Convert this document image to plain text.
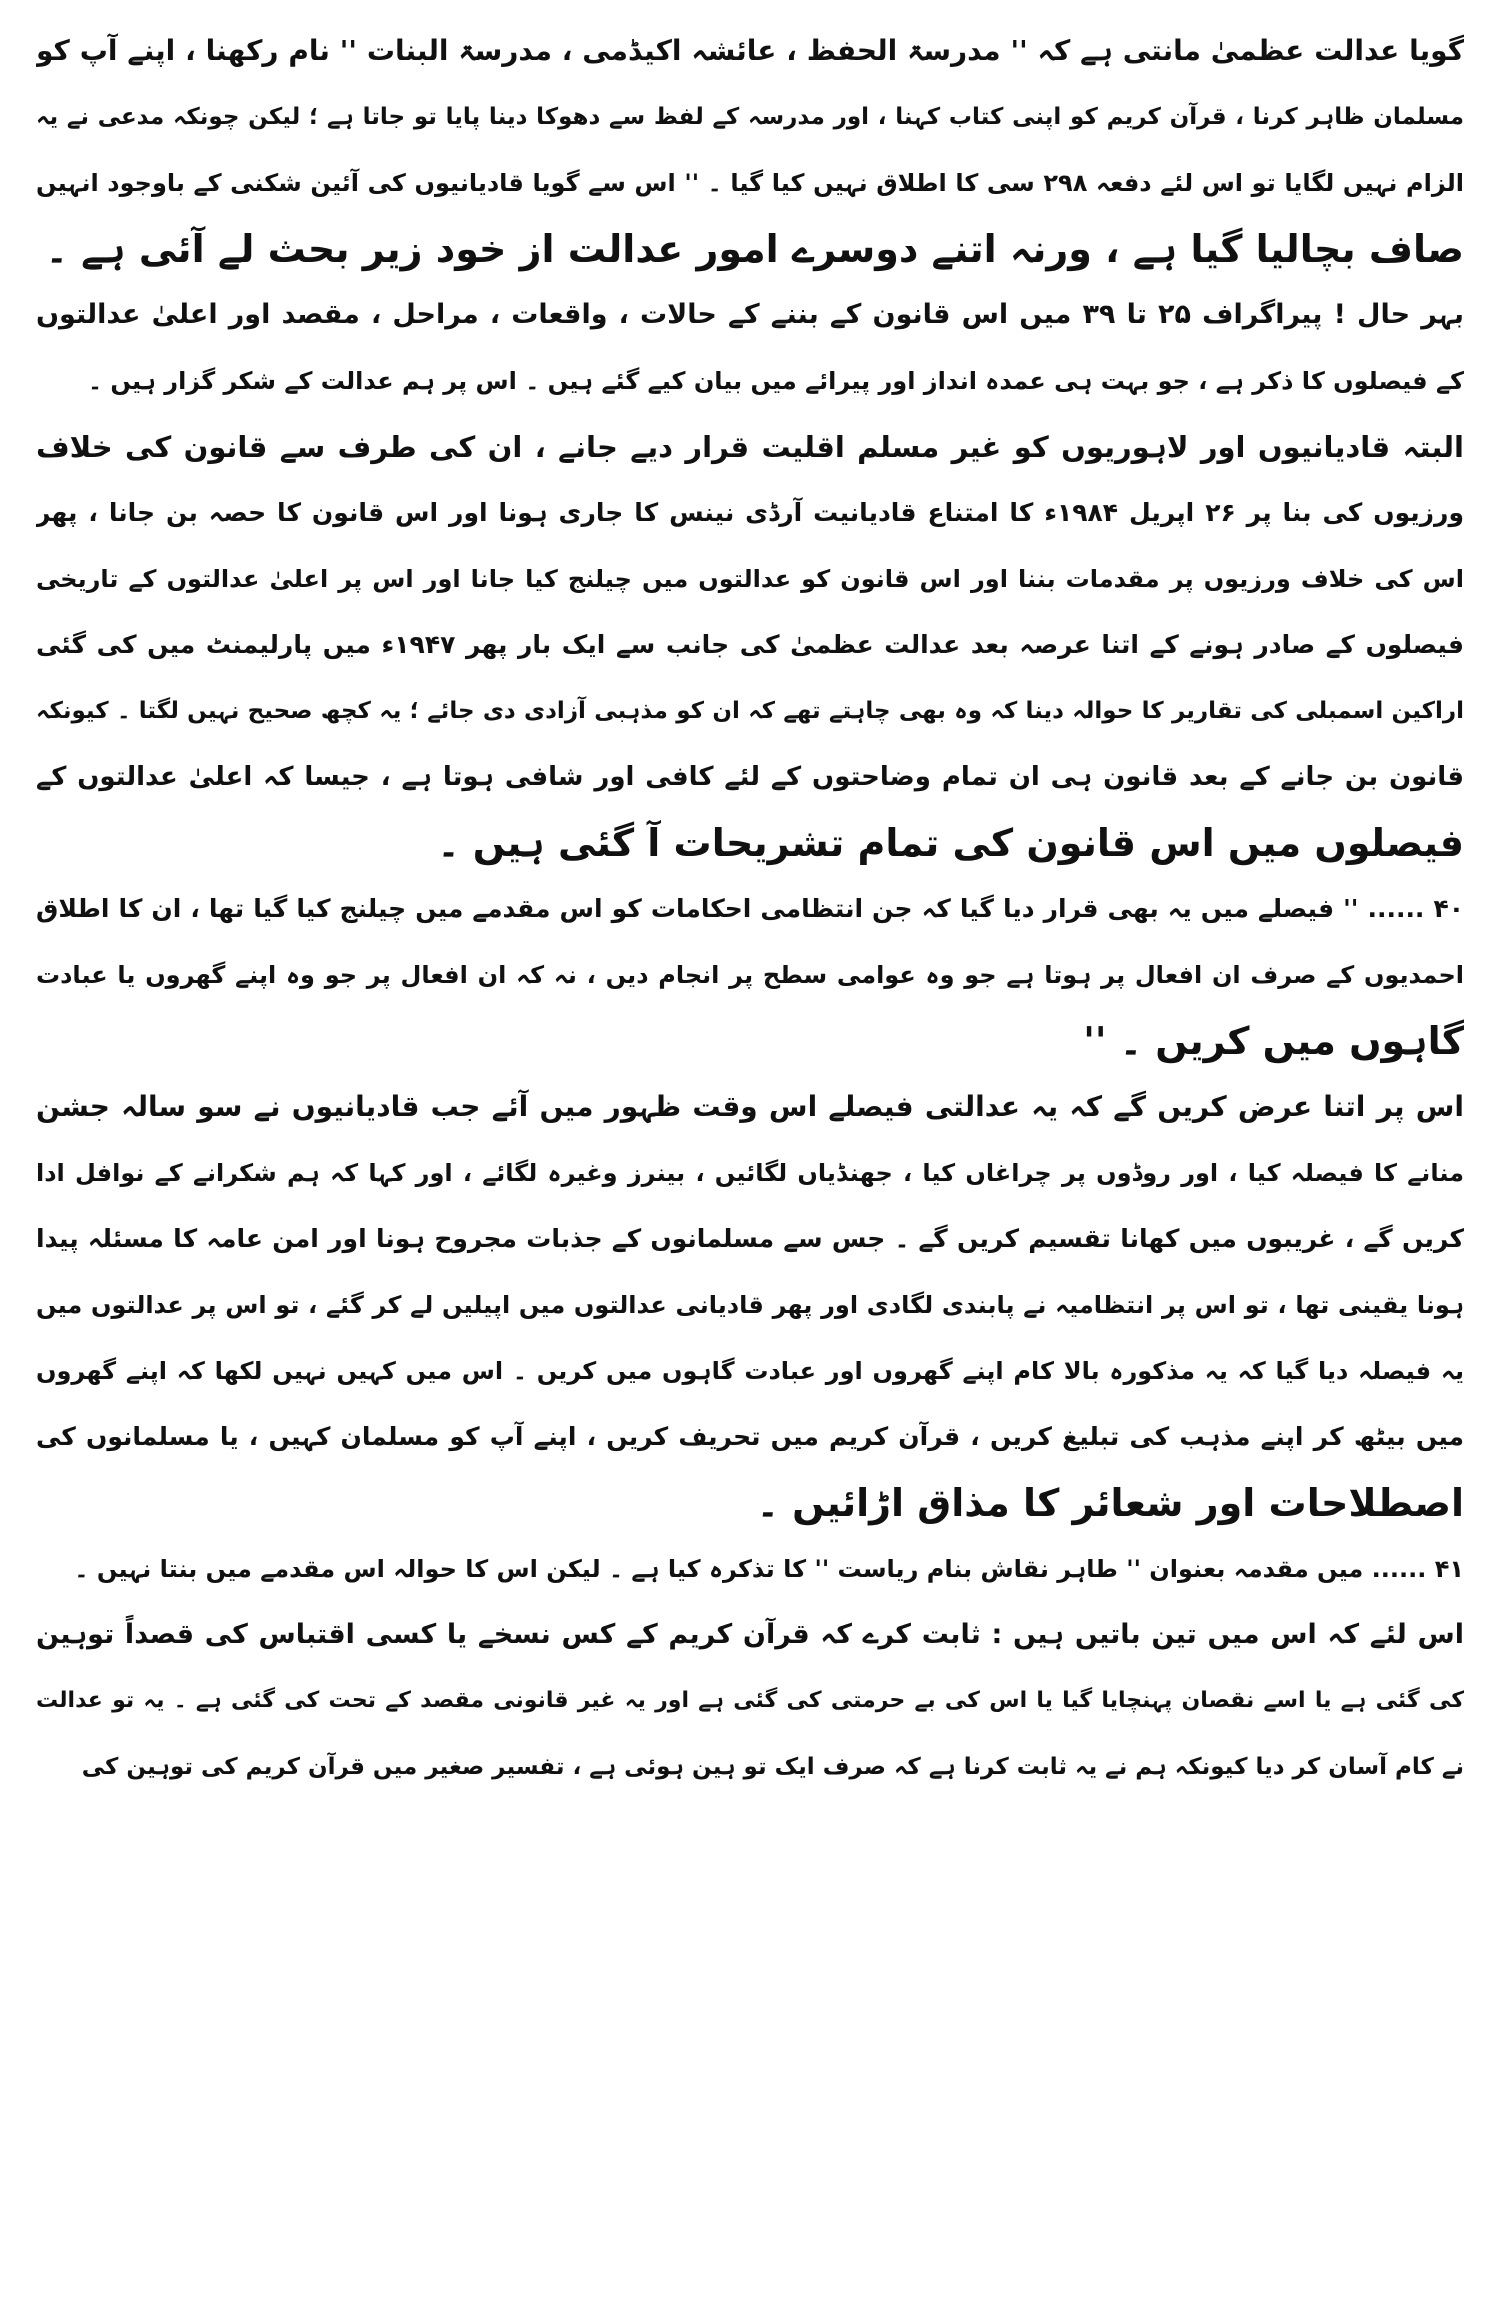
گویا عدالت عظمیٰ مانتی ہے کہ '' مدرسۃ الحفظ ، عائشہ اکیڈمی ، مدرسۃ البنات '' نام رکھنا ، اپنے آپ کو
مسلمان ظاہر کرنا ، قرآن کریم کو اپنی کتاب کہنا ، اور مدرسہ کے لفظ سے دھوکا دینا پایا تو جاتا ہے ؛ لیکن چونکہ مدعی نے یہ
الزام نہیں لگایا تو اس لئے دفعہ ۲۹۸ سی کا اطلاق نہیں کیا گیا ۔ '' اس سے گویا قادیانیوں کی آئین شکنی کے باوجود انہیں
صاف بچالیا گیا ہے ، ورنہ اتنے دوسرے امور عدالت از خود زیر بحث لے آئی ہے ۔
بہر حال ! پیراگراف ۲۵ تا ۳۹ میں اس قانون کے بننے کے حالات ، واقعات ، مراحل ، مقصد اور اعلیٰ عدالتوں
کے فیصلوں کا ذکر ہے ، جو بہت ہی عمدہ انداز اور پیرائے میں بیان کیے گئے ہیں ۔ اس پر ہم عدالت کے شکر گزار ہیں ۔
البتہ قادیانیوں اور لاہوریوں کو غیر مسلم اقلیت قرار دیے جانے ، ان کی طرف سے قانون کی خلاف
ورزیوں کی بنا پر ۲۶ اپریل ۱۹۸۴ء کا امتناع قادیانیت آرڈی نینس کا جاری ہونا اور اس قانون کا حصہ بن جانا ، پھر
اس کی خلاف ورزیوں پر مقدمات بننا اور اس قانون کو عدالتوں میں چیلنج کیا جانا اور اس پر اعلیٰ عدالتوں کے تاریخی
فیصلوں کے صادر ہونے کے اتنا عرصہ بعد عدالت عظمیٰ کی جانب سے ایک بار پھر ۱۹۴۷ء میں پارلیمنٹ میں کی گئی
اراکین اسمبلی کی تقاریر کا حوالہ دینا کہ وہ بھی چاہتے تھے کہ ان کو مذہبی آزادی دی جائے ؛ یہ کچھ صحیح نہیں لگتا ۔ کیونکہ
قانون بن جانے کے بعد قانون ہی ان تمام وضاحتوں کے لئے کافی اور شافی ہوتا ہے ، جیسا کہ اعلیٰ عدالتوں کے
فیصلوں میں اس قانون کی تمام تشریحات آ گئی ہیں ۔
۴۰ ...... '' فیصلے میں یہ بھی قرار دیا گیا کہ جن انتظامی احکامات کو اس مقدمے میں چیلنج کیا گیا تھا ، ان کا اطلاق
احمدیوں کے صرف ان افعال پر ہوتا ہے جو وہ عوامی سطح پر انجام دیں ، نہ کہ ان افعال پر جو وہ اپنے گھروں یا عبادت
گاہوں میں کریں ۔ ''
اس پر اتنا عرض کریں گے کہ یہ عدالتی فیصلے اس وقت ظہور میں آئے جب قادیانیوں نے سو سالہ جشن
منانے کا فیصلہ کیا ، اور روڈوں پر چراغاں کیا ، جھنڈیاں لگائیں ، بینرز وغیرہ لگائے ، اور کہا کہ ہم شکرانے کے نوافل ادا
کریں گے ، غریبوں میں کھانا تقسیم کریں گے ۔ جس سے مسلمانوں کے جذبات مجروح ہونا اور امن عامہ کا مسئلہ پیدا
ہونا یقینی تھا ، تو اس پر انتظامیہ نے پابندی لگادی اور پھر قادیانی عدالتوں میں اپیلیں لے کر گئے ، تو اس پر عدالتوں میں
یہ فیصلہ دیا گیا کہ یہ مذکورہ بالا کام اپنے گھروں اور عبادت گاہوں میں کریں ۔ اس میں کہیں نہیں لکھا کہ اپنے گھروں
میں بیٹھ کر اپنے مذہب کی تبلیغ کریں ، قرآن کریم میں تحریف کریں ، اپنے آپ کو مسلمان کہیں ، یا مسلمانوں کی
اصطلاحات اور شعائر کا مذاق اڑائیں ۔
۴۱ ...... میں مقدمہ بعنوان '' طاہر نقاش بنام ریاست '' کا تذکرہ کیا ہے ۔ لیکن اس کا حوالہ اس مقدمے میں بنتا نہیں ۔
اس لئے کہ اس میں تین باتیں ہیں : ثابت کرے کہ قرآن کریم کے کس نسخے یا کسی اقتباس کی قصداً توہین
کی گئی ہے یا اسے نقصان پہنچایا گیا یا اس کی بے حرمتی کی گئی ہے اور یہ غیر قانونی مقصد کے تحت کی گئی ہے ۔ یہ تو عدالت
نے کام آسان کر دیا کیونکہ ہم نے یہ ثابت کرنا ہے کہ صرف ایک تو ہین ہوئی ہے ، تفسیر صغیر میں قرآن کریم کی توہین کی
